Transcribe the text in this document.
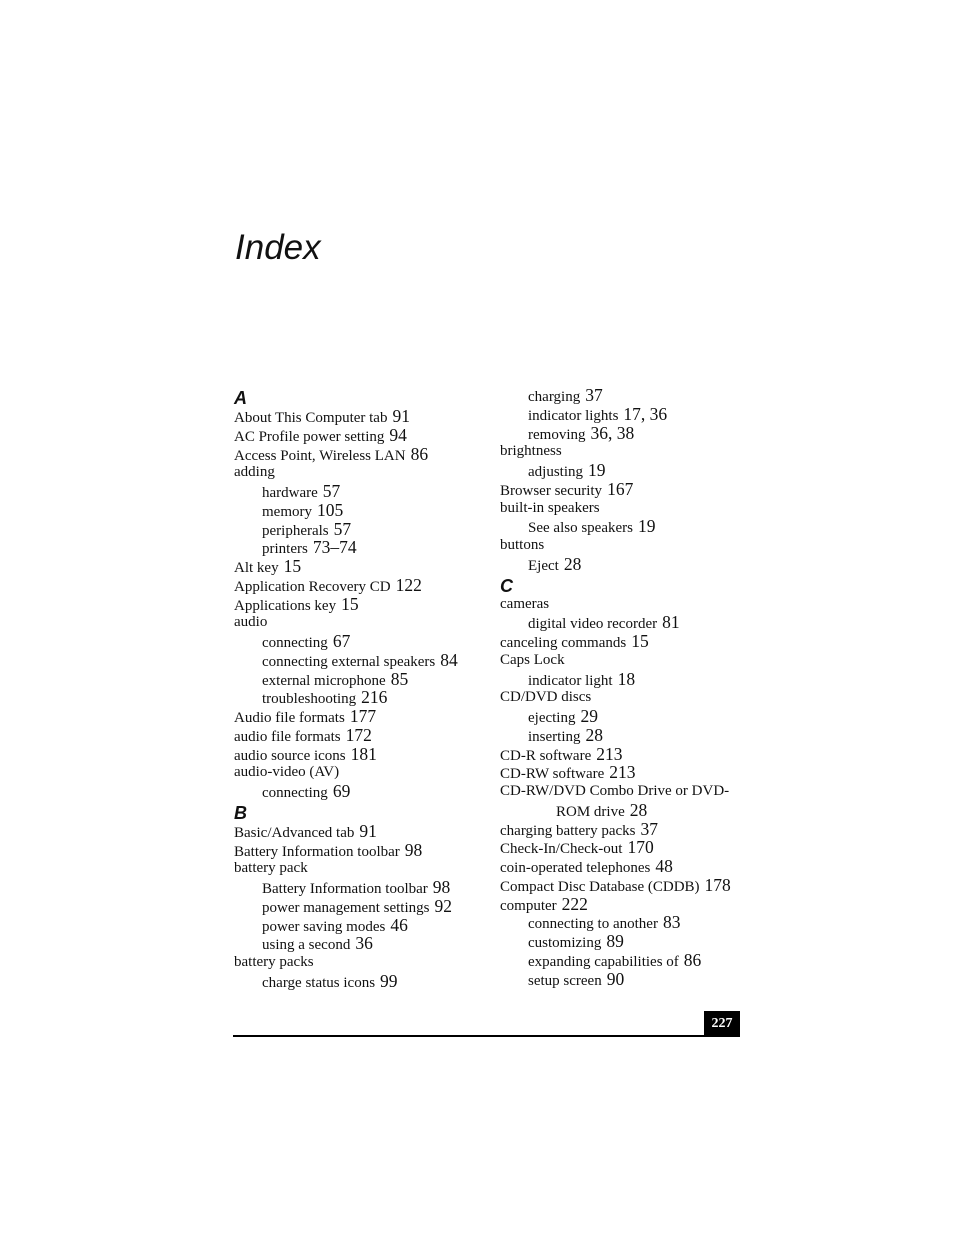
Index
A
About This Computer tab 91
AC Profile power setting 94
Access Point, Wireless LAN 86
adding
hardware 57
memory 105
peripherals 57
printers 73–74
Alt key 15
Application Recovery CD 122
Applications key 15
audio
connecting 67
connecting external speakers 84
external microphone 85
troubleshooting 216
Audio file formats 177
audio file formats 172
audio source icons 181
audio-video (AV)
connecting 69
B
Basic/Advanced tab 91
Battery Information toolbar 98
battery pack
Battery Information toolbar 98
power management settings 92
power saving modes 46
using a second 36
battery packs
charge status icons 99
charging 37
indicator lights 17, 36
removing 36, 38
brightness
adjusting 19
Browser security 167
built-in speakers
See also speakers 19
buttons
Eject 28
C
cameras
digital video recorder 81
canceling commands 15
Caps Lock
indicator light 18
CD/DVD discs
ejecting 29
inserting 28
CD-R software 213
CD-RW software 213
CD-RW/DVD Combo Drive or DVD-
ROM drive 28
charging battery packs 37
Check-In/Check-out 170
coin-operated telephones 48
Compact Disc Database (CDDB) 178
computer 222
connecting to another 83
customizing 89
expanding capabilities of 86
setup screen 90
227
